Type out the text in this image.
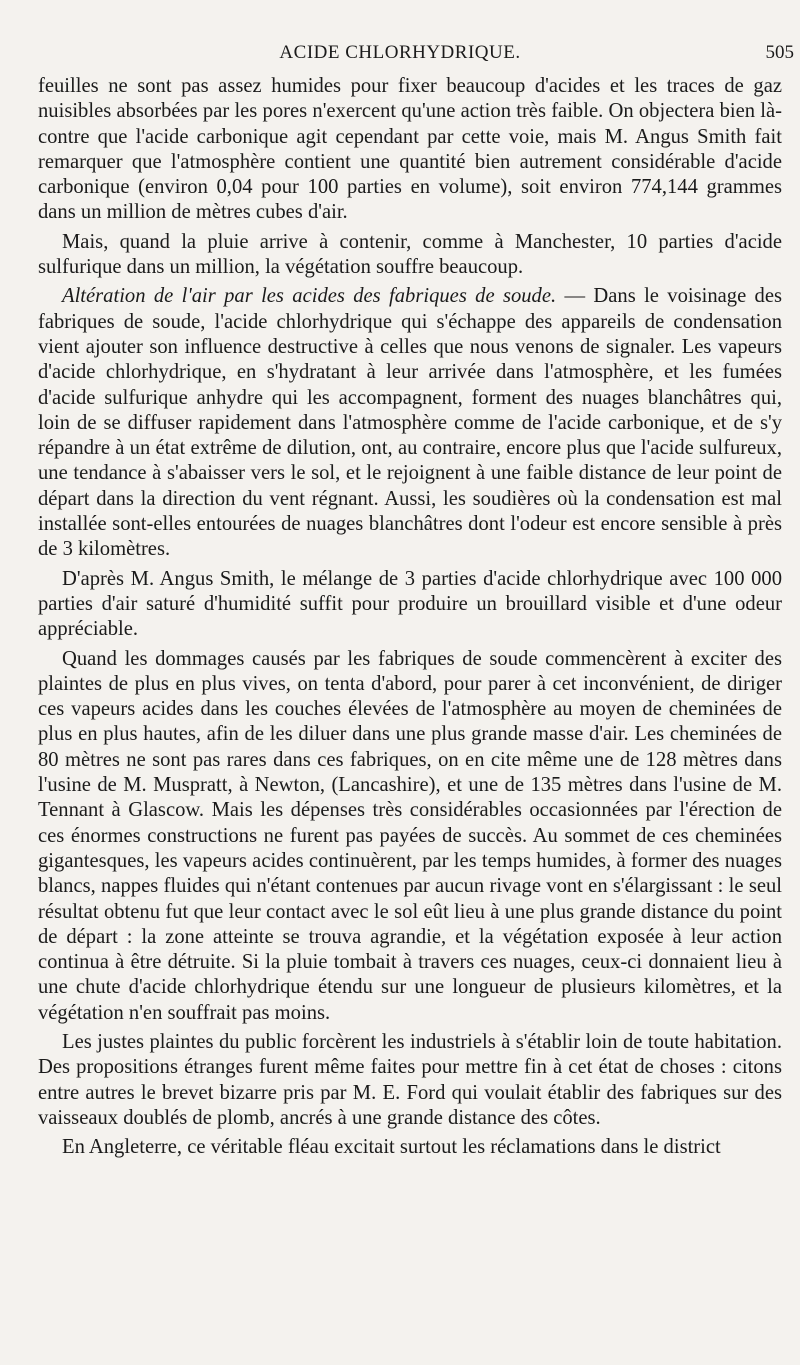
ACIDE CHLORHYDRIQUE.	505

feuilles ne sont pas assez humides pour fixer beaucoup d'acides et les traces de gaz nuisibles absorbées par les pores n'exercent qu'une action très faible. On objectera bien là-contre que l'acide carbonique agit cependant par cette voie, mais M. Angus Smith fait remarquer que l'atmosphère contient une quantité bien autrement considérable d'acide carbonique (environ 0,04 pour 100 parties en volume), soit environ 774,144 grammes dans un million de mètres cubes d'air.

Mais, quand la pluie arrive à contenir, comme à Manchester, 10 parties d'acide sulfurique dans un million, la végétation souffre beaucoup.

Altération de l'air par les acides des fabriques de soude. — Dans le voisinage des fabriques de soude, l'acide chlorhydrique qui s'échappe des appareils de condensation vient ajouter son influence destructive à celles que nous venons de signaler. Les vapeurs d'acide chlorhydrique, en s'hydratant à leur arrivée dans l'atmosphère, et les fumées d'acide sulfurique anhydre qui les accompagnent, forment des nuages blanchâtres qui, loin de se diffuser rapidement dans l'atmosphère comme de l'acide carbonique, et de s'y répandre à un état extrême de dilution, ont, au contraire, encore plus que l'acide sulfureux, une tendance à s'abaisser vers le sol, et le rejoignent à une faible distance de leur point de départ dans la direction du vent régnant. Aussi, les soudières où la condensation est mal installée sont-elles entourées de nuages blanchâtres dont l'odeur est encore sensible à près de 3 kilomètres.

D'après M. Angus Smith, le mélange de 3 parties d'acide chlorhydrique avec 100 000 parties d'air saturé d'humidité suffit pour produire un brouillard visible et d'une odeur appréciable.

Quand les dommages causés par les fabriques de soude commencèrent à exciter des plaintes de plus en plus vives, on tenta d'abord, pour parer à cet inconvénient, de diriger ces vapeurs acides dans les couches élevées de l'atmosphère au moyen de cheminées de plus en plus hautes, afin de les diluer dans une plus grande masse d'air. Les cheminées de 80 mètres ne sont pas rares dans ces fabriques, on en cite même une de 128 mètres dans l'usine de M. Muspratt, à Newton, (Lancashire), et une de 135 mètres dans l'usine de M. Tennant à Glascow. Mais les dépenses très considérables occasionnées par l'érection de ces énormes constructions ne furent pas payées de succès. Au sommet de ces cheminées gigantesques, les vapeurs acides continuèrent, par les temps humides, à former des nuages blancs, nappes fluides qui n'étant contenues par aucun rivage vont en s'élargissant : le seul résultat obtenu fut que leur contact avec le sol eût lieu à une plus grande distance du point de départ : la zone atteinte se trouva agrandie, et la végétation exposée à leur action continua à être détruite. Si la pluie tombait à travers ces nuages, ceux-ci donnaient lieu à une chute d'acide chlorhydrique étendu sur une longueur de plusieurs kilomètres, et la végétation n'en souffrait pas moins.

Les justes plaintes du public forcèrent les industriels à s'établir loin de toute habitation. Des propositions étranges furent même faites pour mettre fin à cet état de choses : citons entre autres le brevet bizarre pris par M. E. Ford qui voulait établir des fabriques sur des vaisseaux doublés de plomb, ancrés à une grande distance des côtes.

En Angleterre, ce véritable fléau excitait surtout les réclamations dans le district
